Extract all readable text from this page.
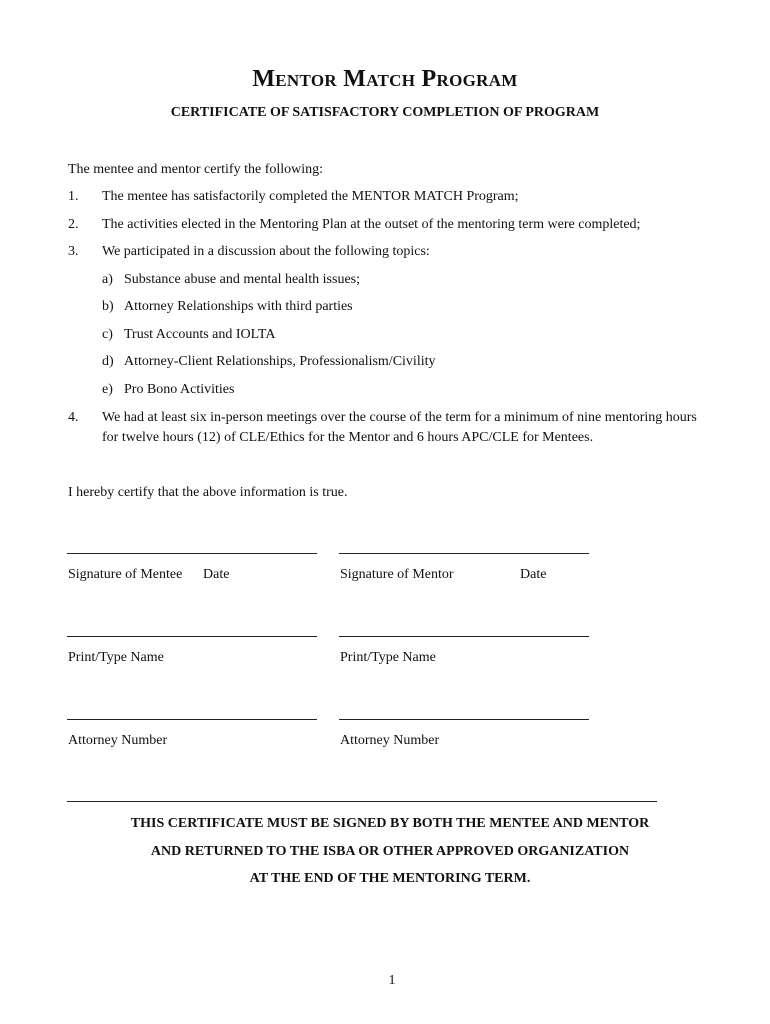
Mentor Match Program
CERTIFICATE OF SATISFACTORY COMPLETION OF PROGRAM
The mentee and mentor certify the following:
1. The mentee has satisfactorily completed the MENTOR MATCH Program;
2. The activities elected in the Mentoring Plan at the outset of the mentoring term were completed;
3. We participated in a discussion about the following topics:
a) Substance abuse and mental health issues;
b) Attorney Relationships with third parties
c) Trust Accounts and IOLTA
d) Attorney-Client Relationships, Professionalism/Civility
e) Pro Bono Activities
4. We had at least six in-person meetings over the course of the term for a minimum of nine mentoring hours for twelve hours (12) of CLE/Ethics for the Mentor and 6 hours APC/CLE for Mentees.
I hereby certify that the above information is true.
Signature of Mentee Date	Signature of Mentor	Date
Print/Type Name	Print/Type Name
Attorney Number	Attorney Number
THIS CERTIFICATE MUST BE SIGNED BY BOTH THE MENTEE AND MENTOR
AND RETURNED TO THE ISBA OR OTHER APPROVED ORGANIZATION
AT THE END OF THE MENTORING TERM.
1
